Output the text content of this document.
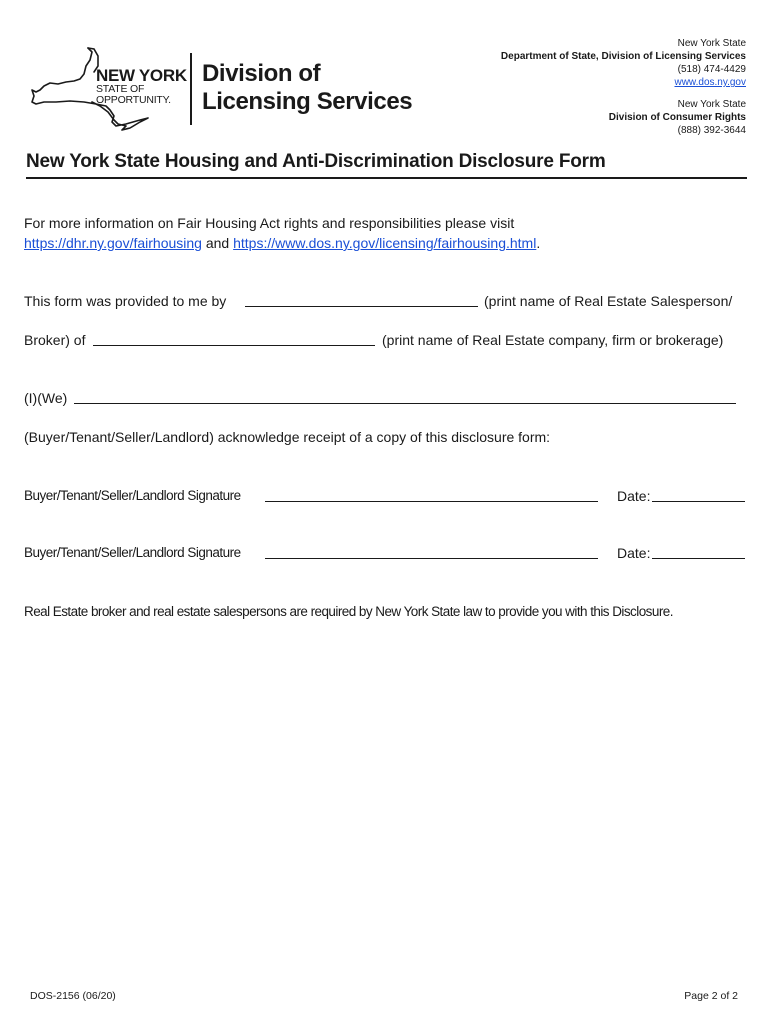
NEW YORK
STATE OF
OPPORTUNITY.
Division of
Licensing Services
New York State
Department of State, Division of Licensing Services
(518) 474-4429
www.dos.ny.gov
New York State
Division of Consumer Rights
(888) 392-3644
New York State Housing and Anti-Discrimination Disclosure Form
For more information on Fair Housing Act rights and responsibilities please visit
https://dhr.ny.gov/fairhousing and https://www.dos.ny.gov/licensing/fairhousing.html.
This form was provided to me by	(print name of Real Estate Salesperson/
Broker) of	(print name of Real Estate company, firm or brokerage)
(I)(We)
(Buyer/Tenant/Seller/Landlord) acknowledge receipt of a copy of this disclosure form:
Buyer/Tenant/Seller/Landlord Signature	Date:
Buyer/Tenant/Seller/Landlord Signature	Date:
Real Estate broker and real estate salespersons are required by New York State law to provide you with this Disclosure.
DOS-2156 (06/20)	Page 2 of 2
